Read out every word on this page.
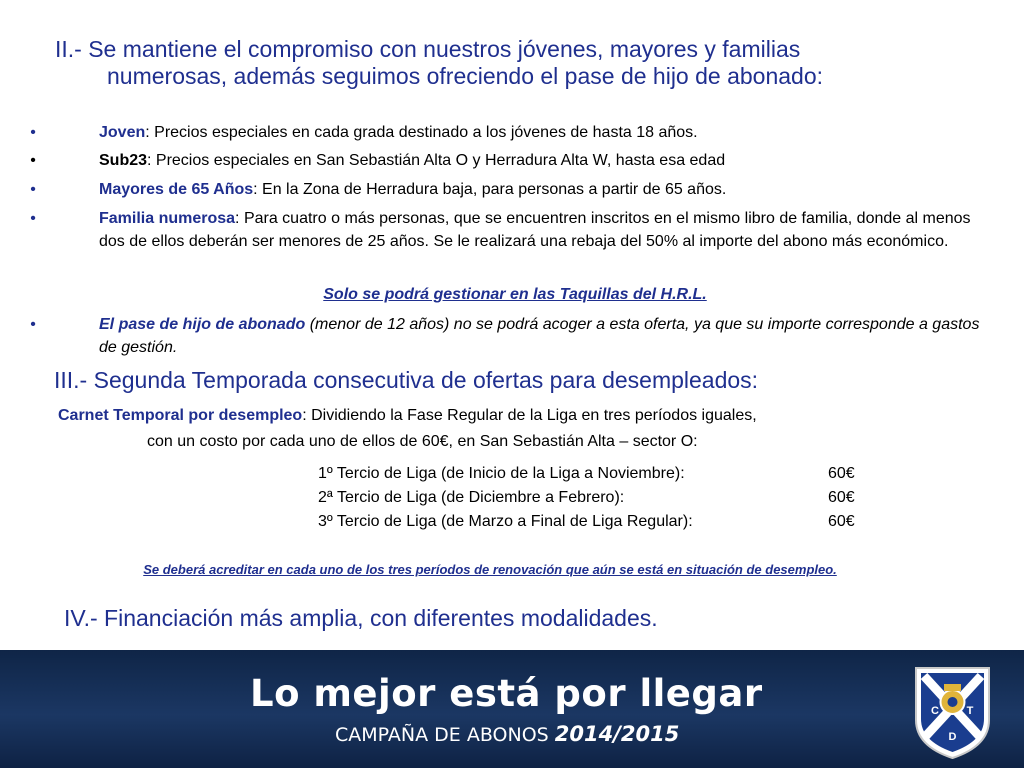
II.- Se mantiene el compromiso con nuestros jóvenes, mayores y familias
numerosas, además seguimos ofreciendo el pase de hijo de abonado:
•	Joven: Precios especiales en cada grada destinado a los jóvenes de hasta 18 años.
•	Sub23: Precios especiales en San Sebastián Alta O y Herradura Alta W, hasta esa edad
•	Mayores de 65 Años: En la Zona de Herradura baja, para personas a partir de 65 años.
•	Familia numerosa: Para cuatro o más personas, que se encuentren inscritos en el mismo libro de familia, donde al menos dos de ellos deberán ser menores de 25 años. Se le realizará una rebaja del 50% al importe del abono más económico.
Solo se podrá gestionar en las Taquillas del H.R.L.
•	El pase de hijo de abonado (menor de 12 años) no se podrá acoger a esta oferta, ya que su importe corresponde a gastos de gestión.
III.- Segunda Temporada consecutiva de ofertas para desempleados:
Carnet Temporal por desempleo: Dividiendo la Fase Regular de la Liga en tres períodos iguales,
con un costo por cada uno de ellos de 60€, en San Sebastián Alta – sector O:
1º Tercio de Liga (de Inicio de la Liga a Noviembre):	60€
2ª Tercio de Liga (de Diciembre a Febrero):	60€
3º Tercio de Liga (de Marzo a Final de Liga Regular):	60€
Se deberá acreditar en cada uno de los tres períodos de renovación que aún se está en situación de desempleo.
IV.- Financiación más amplia, con diferentes modalidades.
Lo mejor está por llegar
CAMPAÑA DE ABONOS 2014/2015
C	T
D
